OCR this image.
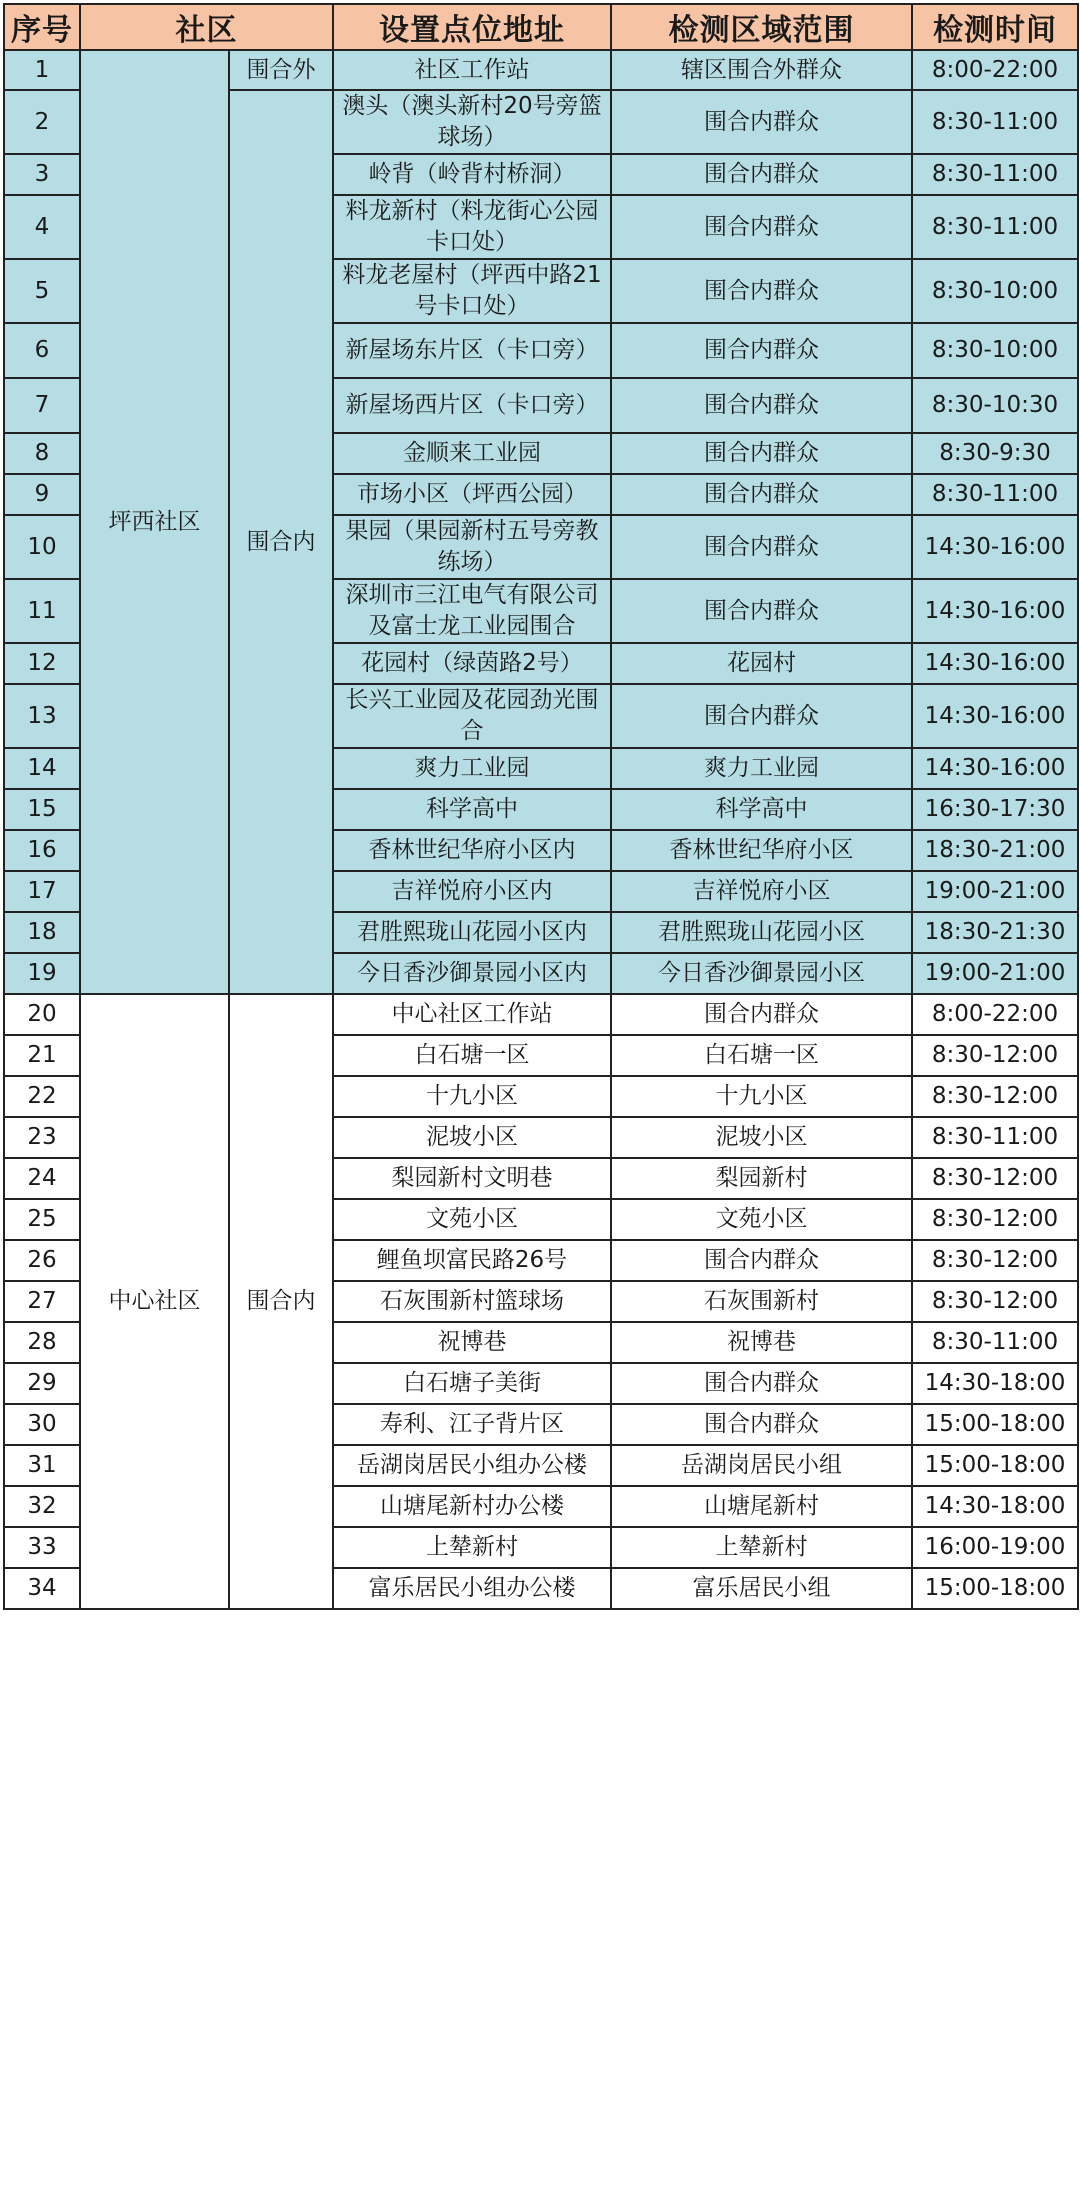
序号	社区		设置点位地址	检测区域范围	检测时间
1	坪西社区	围合外	社区工作站	辖区围合外群众	8:00-22:00
2		围合内	澳头（澳头新村20号旁篮球场）	围合内群众	8:30-11:00
3			岭背（岭背村桥洞）	围合内群众	8:30-11:00
4			料龙新村（料龙街心公园卡口处）	围合内群众	8:30-11:00
5			料龙老屋村（坪西中路21号卡口处）	围合内群众	8:30-10:00
6			新屋场东片区（卡口旁）	围合内群众	8:30-10:00
7			新屋场西片区（卡口旁）	围合内群众	8:30-10:30
8			金顺来工业园	围合内群众	8:30-9:30
9			市场小区（坪西公园）	围合内群众	8:30-11:00
10			果园（果园新村五号旁教练场）	围合内群众	14:30-16:00
11			深圳市三江电气有限公司及富士龙工业园围合	围合内群众	14:30-16:00
12			花园村（绿茵路2号）	花园村	14:30-16:00
13			长兴工业园及花园劲光围合	围合内群众	14:30-16:00
14			爽力工业园	爽力工业园	14:30-16:00
15			科学高中	科学高中	16:30-17:30
16			香林世纪华府小区内	香林世纪华府小区	18:30-21:00
17			吉祥悦府小区内	吉祥悦府小区	19:00-21:00
18			君胜熙珑山花园小区内	君胜熙珑山花园小区	18:30-21:30
19			今日香沙御景园小区内	今日香沙御景园小区	19:00-21:00
20	中心社区	围合内	中心社区工作站	围合内群众	8:00-22:00
21			白石塘一区	白石塘一区	8:30-12:00
22			十九小区	十九小区	8:30-12:00
23			泥坡小区	泥坡小区	8:30-11:00
24			梨园新村文明巷	梨园新村	8:30-12:00
25			文苑小区	文苑小区	8:30-12:00
26			鲤鱼坝富民路26号	围合内群众	8:30-12:00
27			石灰围新村篮球场	石灰围新村	8:30-12:00
28			祝博巷	祝博巷	8:30-11:00
29			白石塘子美街	围合内群众	14:30-18:00
30			寿利、江子背片区	围合内群众	15:00-18:00
31			岳湖岗居民小组办公楼	岳湖岗居民小组	15:00-18:00
32			山塘尾新村办公楼	山塘尾新村	14:30-18:00
33			上辇新村	上辇新村	16:00-19:00
34			富乐居民小组办公楼	富乐居民小组	15:00-18:00
